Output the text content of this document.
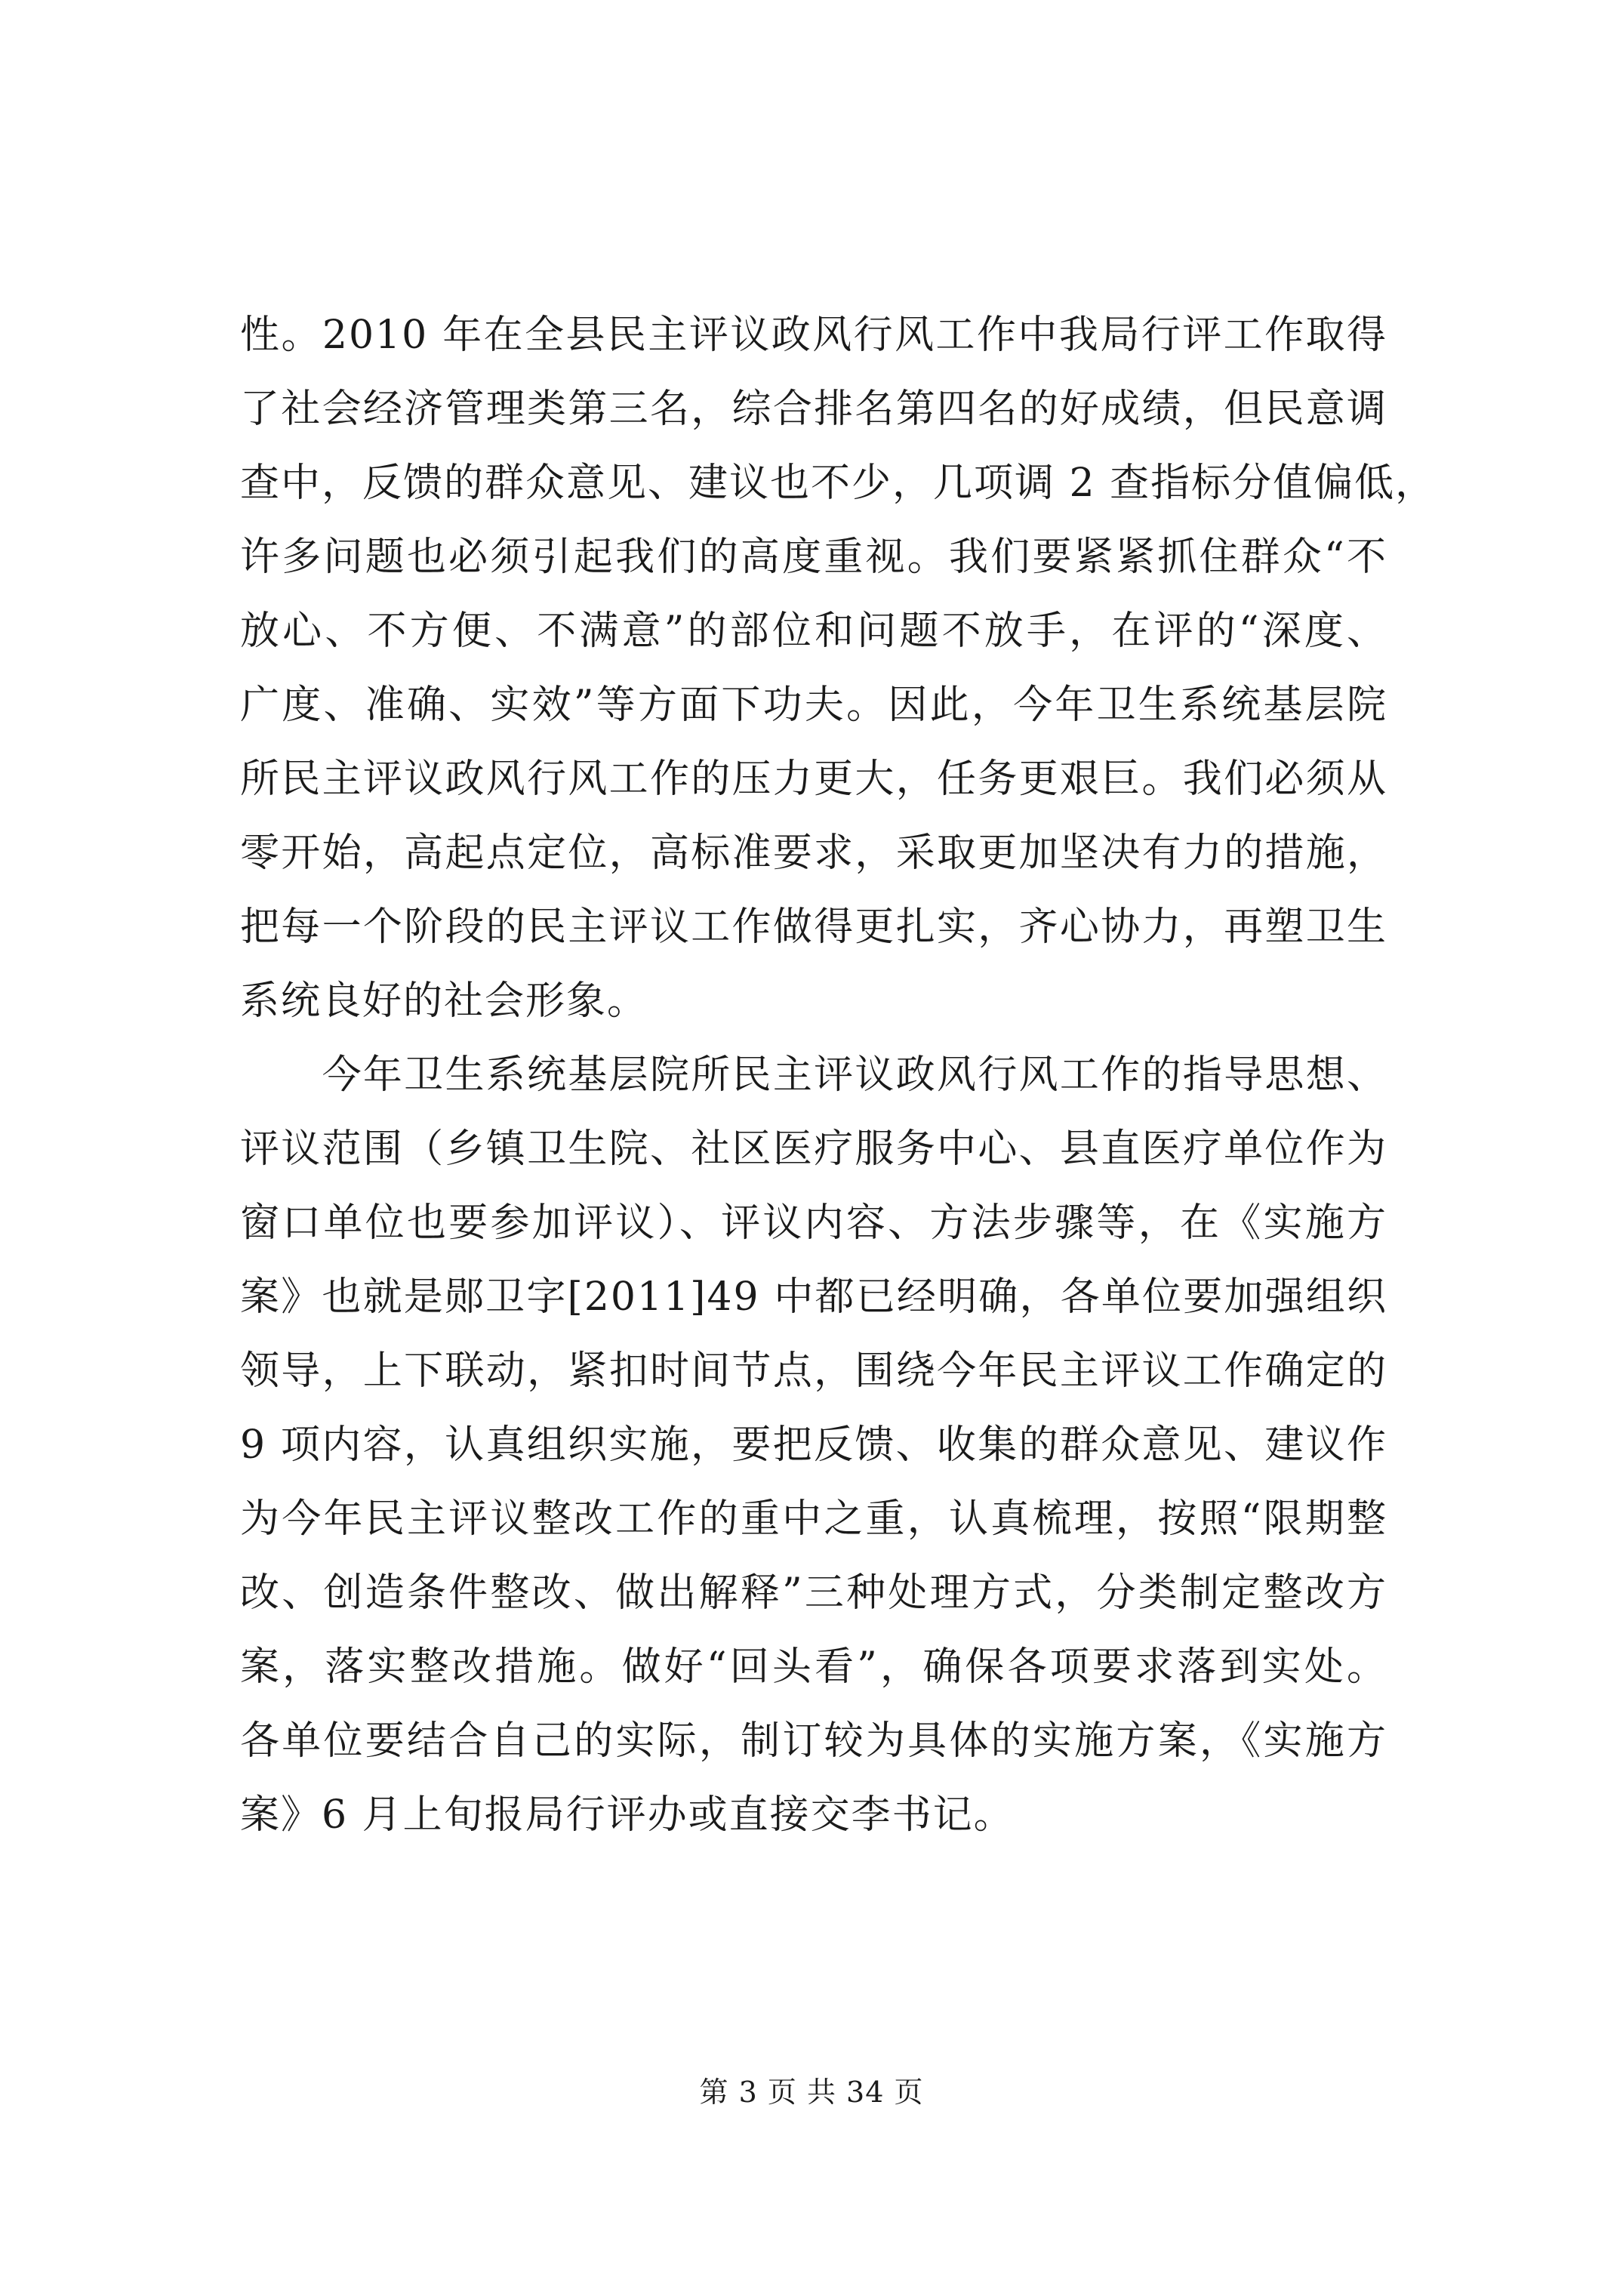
性。2010 年在全县民主评议政风行风工作中我局行评工作取得
了社会经济管理类第三名，综合排名第四名的好成绩，但民意调
查中，反馈的群众意见、建议也不少，几项调 2 查指标分值偏低，
许多问题也必须引起我们的高度重视。我们要紧紧抓住群众“不
放心、不方便、不满意”的部位和问题不放手，在评的“深度、
广度、准确、实效”等方面下功夫。因此，今年卫生系统基层院
所民主评议政风行风工作的压力更大，任务更艰巨。我们必须从
零开始，高起点定位，高标准要求，采取更加坚决有力的措施，
把每一个阶段的民主评议工作做得更扎实，齐心协力，再塑卫生
系统良好的社会形象。
　　今年卫生系统基层院所民主评议政风行风工作的指导思想、
评议范围（乡镇卫生院、社区医疗服务中心、县直医疗单位作为
窗口单位也要参加评议）、评议内容、方法步骤等，在《实施方
案》也就是郧卫字[2011]49 中都已经明确，各单位要加强组织
领导，上下联动，紧扣时间节点，围绕今年民主评议工作确定的
9 项内容，认真组织实施，要把反馈、收集的群众意见、建议作
为今年民主评议整改工作的重中之重，认真梳理，按照“限期整
改、创造条件整改、做出解释”三种处理方式，分类制定整改方
案，落实整改措施。做好“回头看”，确保各项要求落到实处。
各单位要结合自己的实际，制订较为具体的实施方案，《实施方
案》6 月上旬报局行评办或直接交李书记。
第 3 页 共 34 页
